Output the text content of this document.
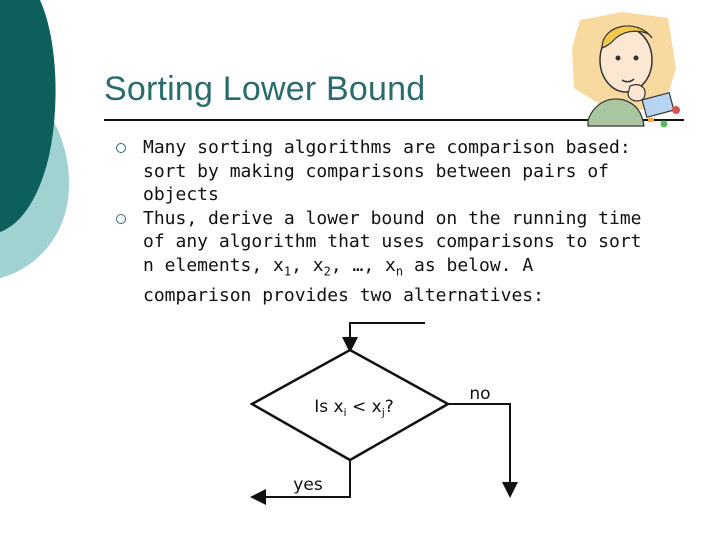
Sorting Lower Bound
Many sorting algorithms are comparison based:
sort by making comparisons between pairs of
objects
Thus, derive a lower bound on the running time
of any algorithm that uses comparisons to sort
n elements, $x_1$, $x_2$, …, $x_n$ as below. A
comparison provides two alternatives:
Is $x_i < x_j$?
no
yes
